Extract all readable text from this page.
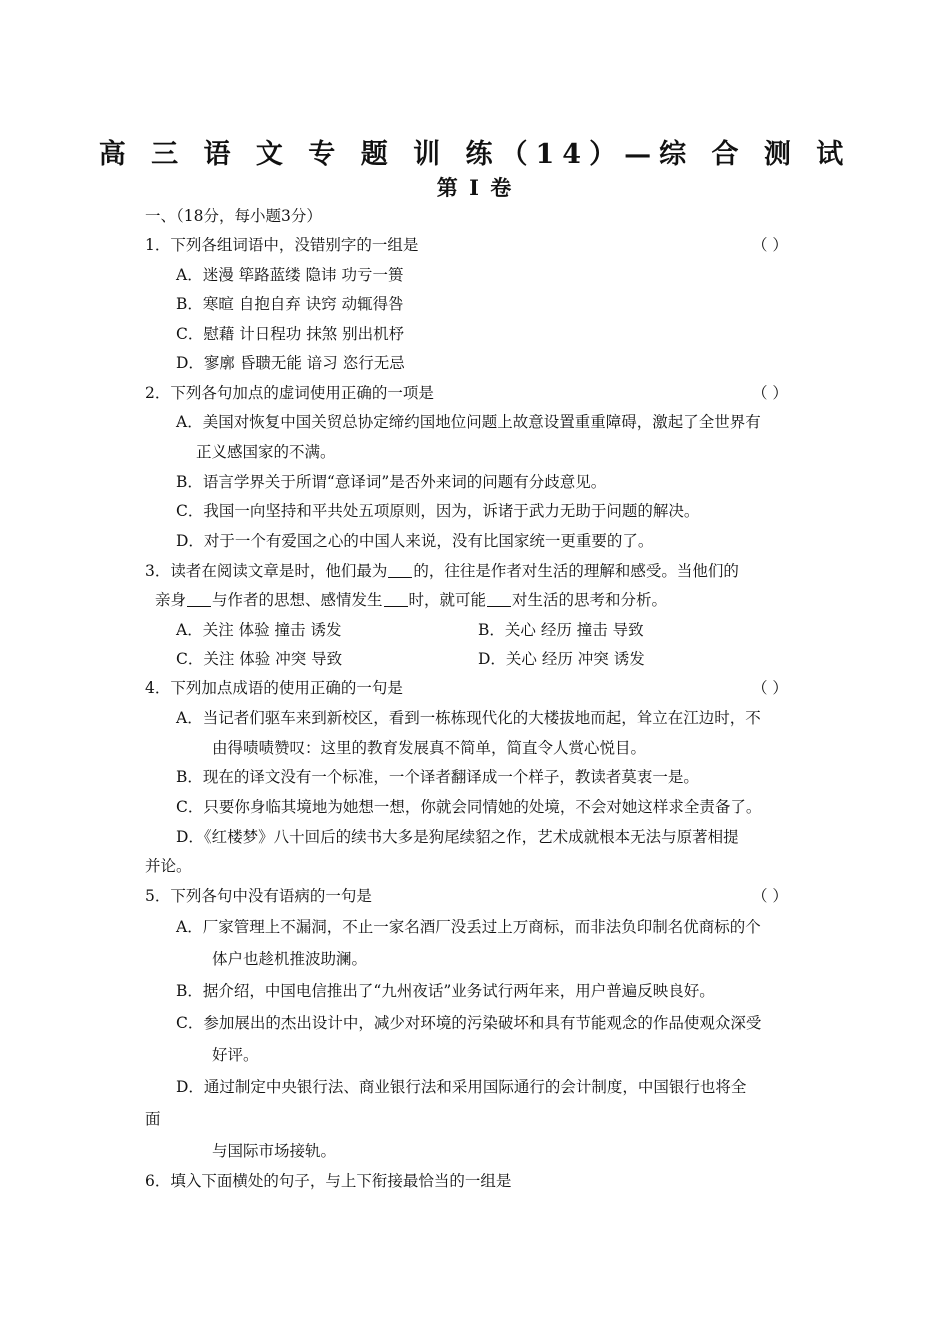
高 三 语 文 专 题 训 练（14）—综 合 测 试
第 Ⅰ 卷
一、（18分，每小题3分）
1．下列各组词语中，没错别字的一组是	（ ）
A．迷漫 筚路蓝缕 隐讳 功亏一篑
B．寒暄 自抱自弃 诀窍 动辄得咎
C．慰藉 计日程功 抹煞 别出机杼
D．寥廓 昏聩无能 谙习 恣行无忌
2．下列各句加点的虚词使用正确的一项是	（ ）
A．美国对恢复中国关贸总协定缔约国地位问题上故意设置重重障碍，激起了全世界有
正义感国家的不满。
B．语言学界关于所谓“意译词”是否外来词的问题有分歧意见。
C．我国一向坚持和平共处五项原则，因为，诉诸于武力无助于问题的解决。
D．对于一个有爱国之心的中国人来说，没有比国家统一更重要的了。
3．读者在阅读文章是时，他们最为 的，往往是作者对生活的理解和感受。当他们的
亲身 与作者的思想、感情发生 时，就可能 对生活的思考和分析。
A．关注 体验 撞击 诱发	B．关心 经历 撞击 导致
C．关注 体验 冲突 导致	D．关心 经历 冲突 诱发
4．下列加点成语的使用正确的一句是	（ ）
A．当记者们驱车来到新校区，看到一栋栋现代化的大楼拔地而起，耸立在江边时，不
由得啧啧赞叹：这里的教育发展真不简单，简直令人赏心悦目。
B．现在的译文没有一个标准，一个译者翻译成一个样子，教读者莫衷一是。
C．只要你身临其境地为她想一想，你就会同情她的处境，不会对她这样求全责备了。
D．《红楼梦》八十回后的续书大多是狗尾续貂之作，艺术成就根本无法与原著相提
并论。
5．下列各句中没有语病的一句是	（ ）
A．厂家管理上不漏洞，不止一家名酒厂没丢过上万商标，而非法负印制名优商标的个
体户也趁机推波助澜。
B．据介绍，中国电信推出了“九州夜话”业务试行两年来，用户普遍反映良好。
C．参加展出的杰出设计中，减少对环境的污染破坏和具有节能观念的作品使观众深受
好评。
D．通过制定中央银行法、商业银行法和采用国际通行的会计制度，中国银行也将全
面
与国际市场接轨。
6．填入下面横处的句子，与上下衔接最恰当的一组是
